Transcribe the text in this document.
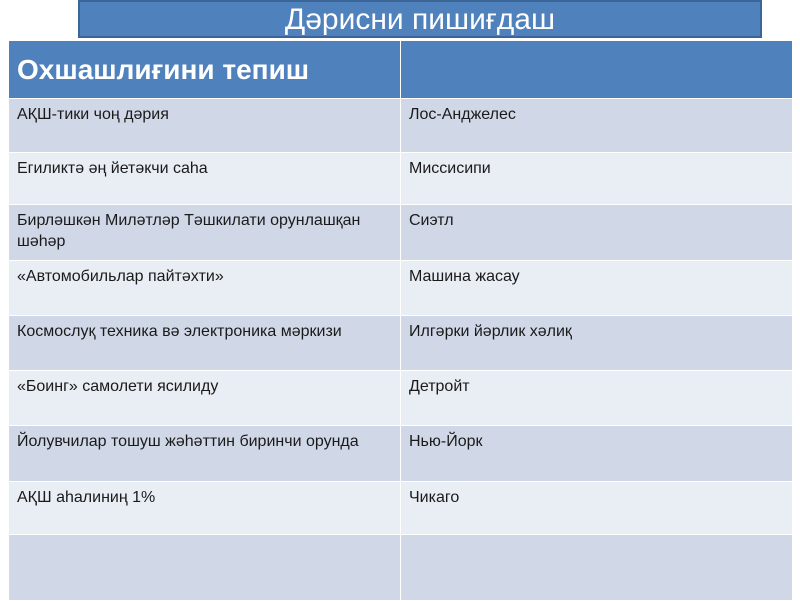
Дәрисни пишиғдаш
Охшашлиғини тепиш	
АҚШ-тики чоң дәрия	Лос-Анджелес
Егиликтә әң йетәкчи саһа	Миссисипи
Бирләшкән Миләтләр Тәшкилати орунлашқан шәһәр	Сиэтл
«Автомобильлар пайтәхти»	Машина жасау
Космослуқ техника вә электроника мәркизи	Илгәрки йәрлик хәлиқ
«Боинг» самолети ясилиду	Детройт
Йолувчилар тошуш жәһәттин биринчи орунда	Нью-Йорк
АҚШ аһалиниң 1%	Чикаго
